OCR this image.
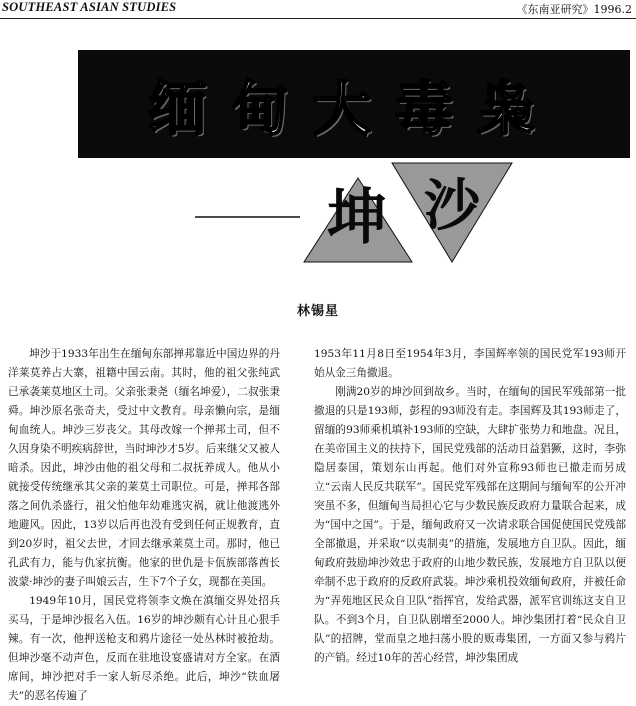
SOUTHEAST ASIAN STUDIES	《东南亚研究》1996.2
缅甸大毒枭
坤 沙
林锡星

坤沙于1933年出生在缅甸东部掸邦靠近中国边界的丹洋莱莫养占大寨，祖籍中国云南。其时，他的祖父张纯武已承袭莱莫地区土司。父亲张秉尧（缅名坤爱），二叔张秉舜。坤沙原名张奇夫，受过中文教育。母亲懒向宗，是缅甸血统人。坤沙三岁丧父。其母改嫁一个掸邦土司，但不久因身染不明疾病辞世，当时坤沙才5岁。后来继父又被人暗杀。因此，坤沙由他的祖父母和二叔抚养成人。他从小就接受传统继承其父亲的莱莫土司职位。可是，掸邦各部落之间仇杀盛行，祖父怕他年幼难逃灾祸，就让他渡逃外地避风。因此，13岁以后再也没有受到任何正规教育，直到20岁时，祖父去世，才回去继承莱莫土司。那时，他已孔武有力，能与仇家抗衡。他家的世仇是卡佤族部落酋长波蒙·坤沙的妻子叫娘云吉，生下7个子女，现都在美国。

1949年10月，国民党将领李文焕在滇缅交界处招兵买马，于是坤沙报名入伍。16岁的坤沙颇有心计且心狠手辣。有一次，他押送枪支和鸦片途径一处丛林时被抢劫。但坤沙毫不动声色，反而在驻地设宴盛请对方全家。在酒席间，坤沙把对手一家人斩尽杀绝。此后，坤沙“铁血屠夫”的恶名传遍了

1953年11月8日至1954年3月，李国辉率领的国民党军193师开始从金三角撤退。

刚满20岁的坤沙回到故乡。当时，在缅甸的国民军残部第一批撤退的只是193师，彭程的93师没有走。李国辉及其193师走了，留缅的93师乘机填补193师的空缺，大肆扩张势力和地盘。况且，在美帝国主义的扶持下，国民党残部的活动日益猖獗，这时，李弥隐居泰国，策划东山再起。他们对外宣称93师也已撤走而另成立“云南人民反共联军”。国民党军残部在这期间与缅甸军的公开冲突虽不多，但缅甸当局担心它与少数民族反政府力量联合起来，成为“国中之国”。于是，缅甸政府又一次请求联合国促使国民党残部全部撤退，并采取“以夷制夷”的措施，发展地方自卫队。因此，缅甸政府鼓励坤沙效忠于政府的山地少数民族，发展地方自卫队以便牵制不忠于政府的反政府武装。坤沙乘机投效缅甸政府，并被任命为“弄苑地区民众自卫队”指挥官，发给武器，派军官训练这支自卫队。不到3个月，自卫队剧增至2000人。坤沙集团打着“民众自卫队”的招牌，堂而皇之地扫荡小股的贩毒集团，一方面又参与鸦片的产销。经过10年的苦心经营，坤沙集团成
